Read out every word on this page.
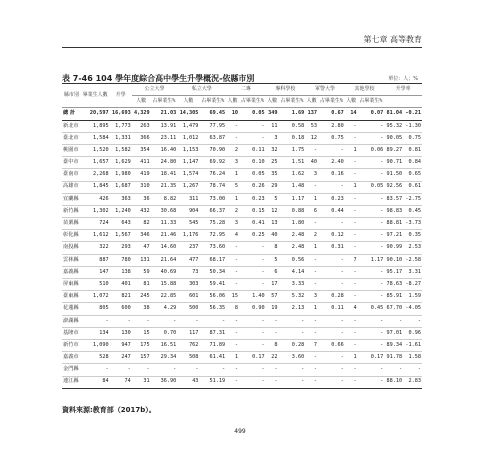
第七章 高等教育
表 7-46 104 學年度綜合高中學生升學概況-依縣市別	單位：人；%
縣市別	畢業生人數	升學	公立大學		私立大學		二專		專科學校		軍警大學		其他學校		升學率	
			人數	占畢業生%	人數	占畢業生%	人數	占畢業生%	人數	占畢業生%	人數	占畢業生%	人數	占畢業生%		
總 計	20,597	16,693	4,329	21.03	14,305	69.45	10	0.05	349	1.69	137	0.67	14	0.07	81.04	-0.21
新北市	1,895	1,773	263	13.91	1,479	77.95	-	-	11	0.58	53	2.80	-	-	95.32	-1.30
臺北市	1,584	1,331	366	23.11	1,012	63.87	-	-	3	0.18	12	0.75	-	-	90.05	0.75
桃園市	1,520	1,582	354	16.40	1,153	70.90	2	0.11	32	1.75	-	-	1	0.06	89.27	0.81
臺中市	1,657	1,629	411	24.80	1,147	69.92	3	0.10	25	1.51	40	2.40	-	-	90.71	0.84
臺南市	2,268	1,980	419	18.41	1,574	76.24	1	0.05	35	1.62	3	0.16	-	-	91.50	0.65
高雄市	1,845	1,687	310	21.35	1,267	78.74	5	0.26	29	1.48	-	-	1	0.05	92.56	0.61
宜蘭縣	426	363	36	8.82	311	73.00	1	0.23	5	1.17	1	0.23	-	-	83.57	-2.75
新竹縣	1,302	1,240	432	30.68	904	66.37	2	0.15	12	0.88	6	0.44	-	-	98.83	0.45
苗栗縣	724	643	82	11.33	545	75.28	3	0.41	13	1.80	-	-	-	-	88.81	-3.73
彰化縣	1,612	1,567	346	21.46	1,176	72.95	4	0.25	40	2.48	2	0.12	-	-	97.21	0.35
南投縣	322	293	47	14.60	237	73.60	-	-	8	2.48	1	0.31	-	-	90.99	2.53
雲林縣	887	780	131	21.64	477	68.17	-	-	5	0.56	-	-	7	1.17	90.10	-2.58
嘉義縣	147	138	59	40.69	73	50.34	-	-	6	4.14	-	-	-	-	95.17	3.31
屏東縣	510	401	81	15.88	303	59.41	-	-	17	3.33	-	-	-	-	78.63	-8.27
臺東縣	1,072	821	245	22.85	601	56.06	15	1.40	57	5.32	3	0.28	-	-	85.91	1.59
花蓮縣	805	600	38	4.29	500	56.35	8	0.90	19	2.13	1	0.11	4	0.45	67.70	-4.05
澎湖縣	-	-	-	-	-	-	-	-	-	-	-	-	-	-	-	-
基隆市	134	130	15	0.70	117	87.31	-	-	-	-	-	-	-	-	97.01	0.96
新竹市	1,090	947	175	16.51	762	71.89	-	-	8	0.28	7	0.66	-	-	89.34	-1.61
嘉義市	528	247	157	29.34	508	61.41	1	0.17	22	3.60	-	-	1	0.17	91.78	1.58
金門縣	-	-	-	-	-	-	-	-	-	-	-	-	-	-	-	-
連江縣	84	74	31	36.90	43	51.19	-	-	-	-	-	-	-	-	88.10	2.83
資料來源:教育部（2017b）。
499
